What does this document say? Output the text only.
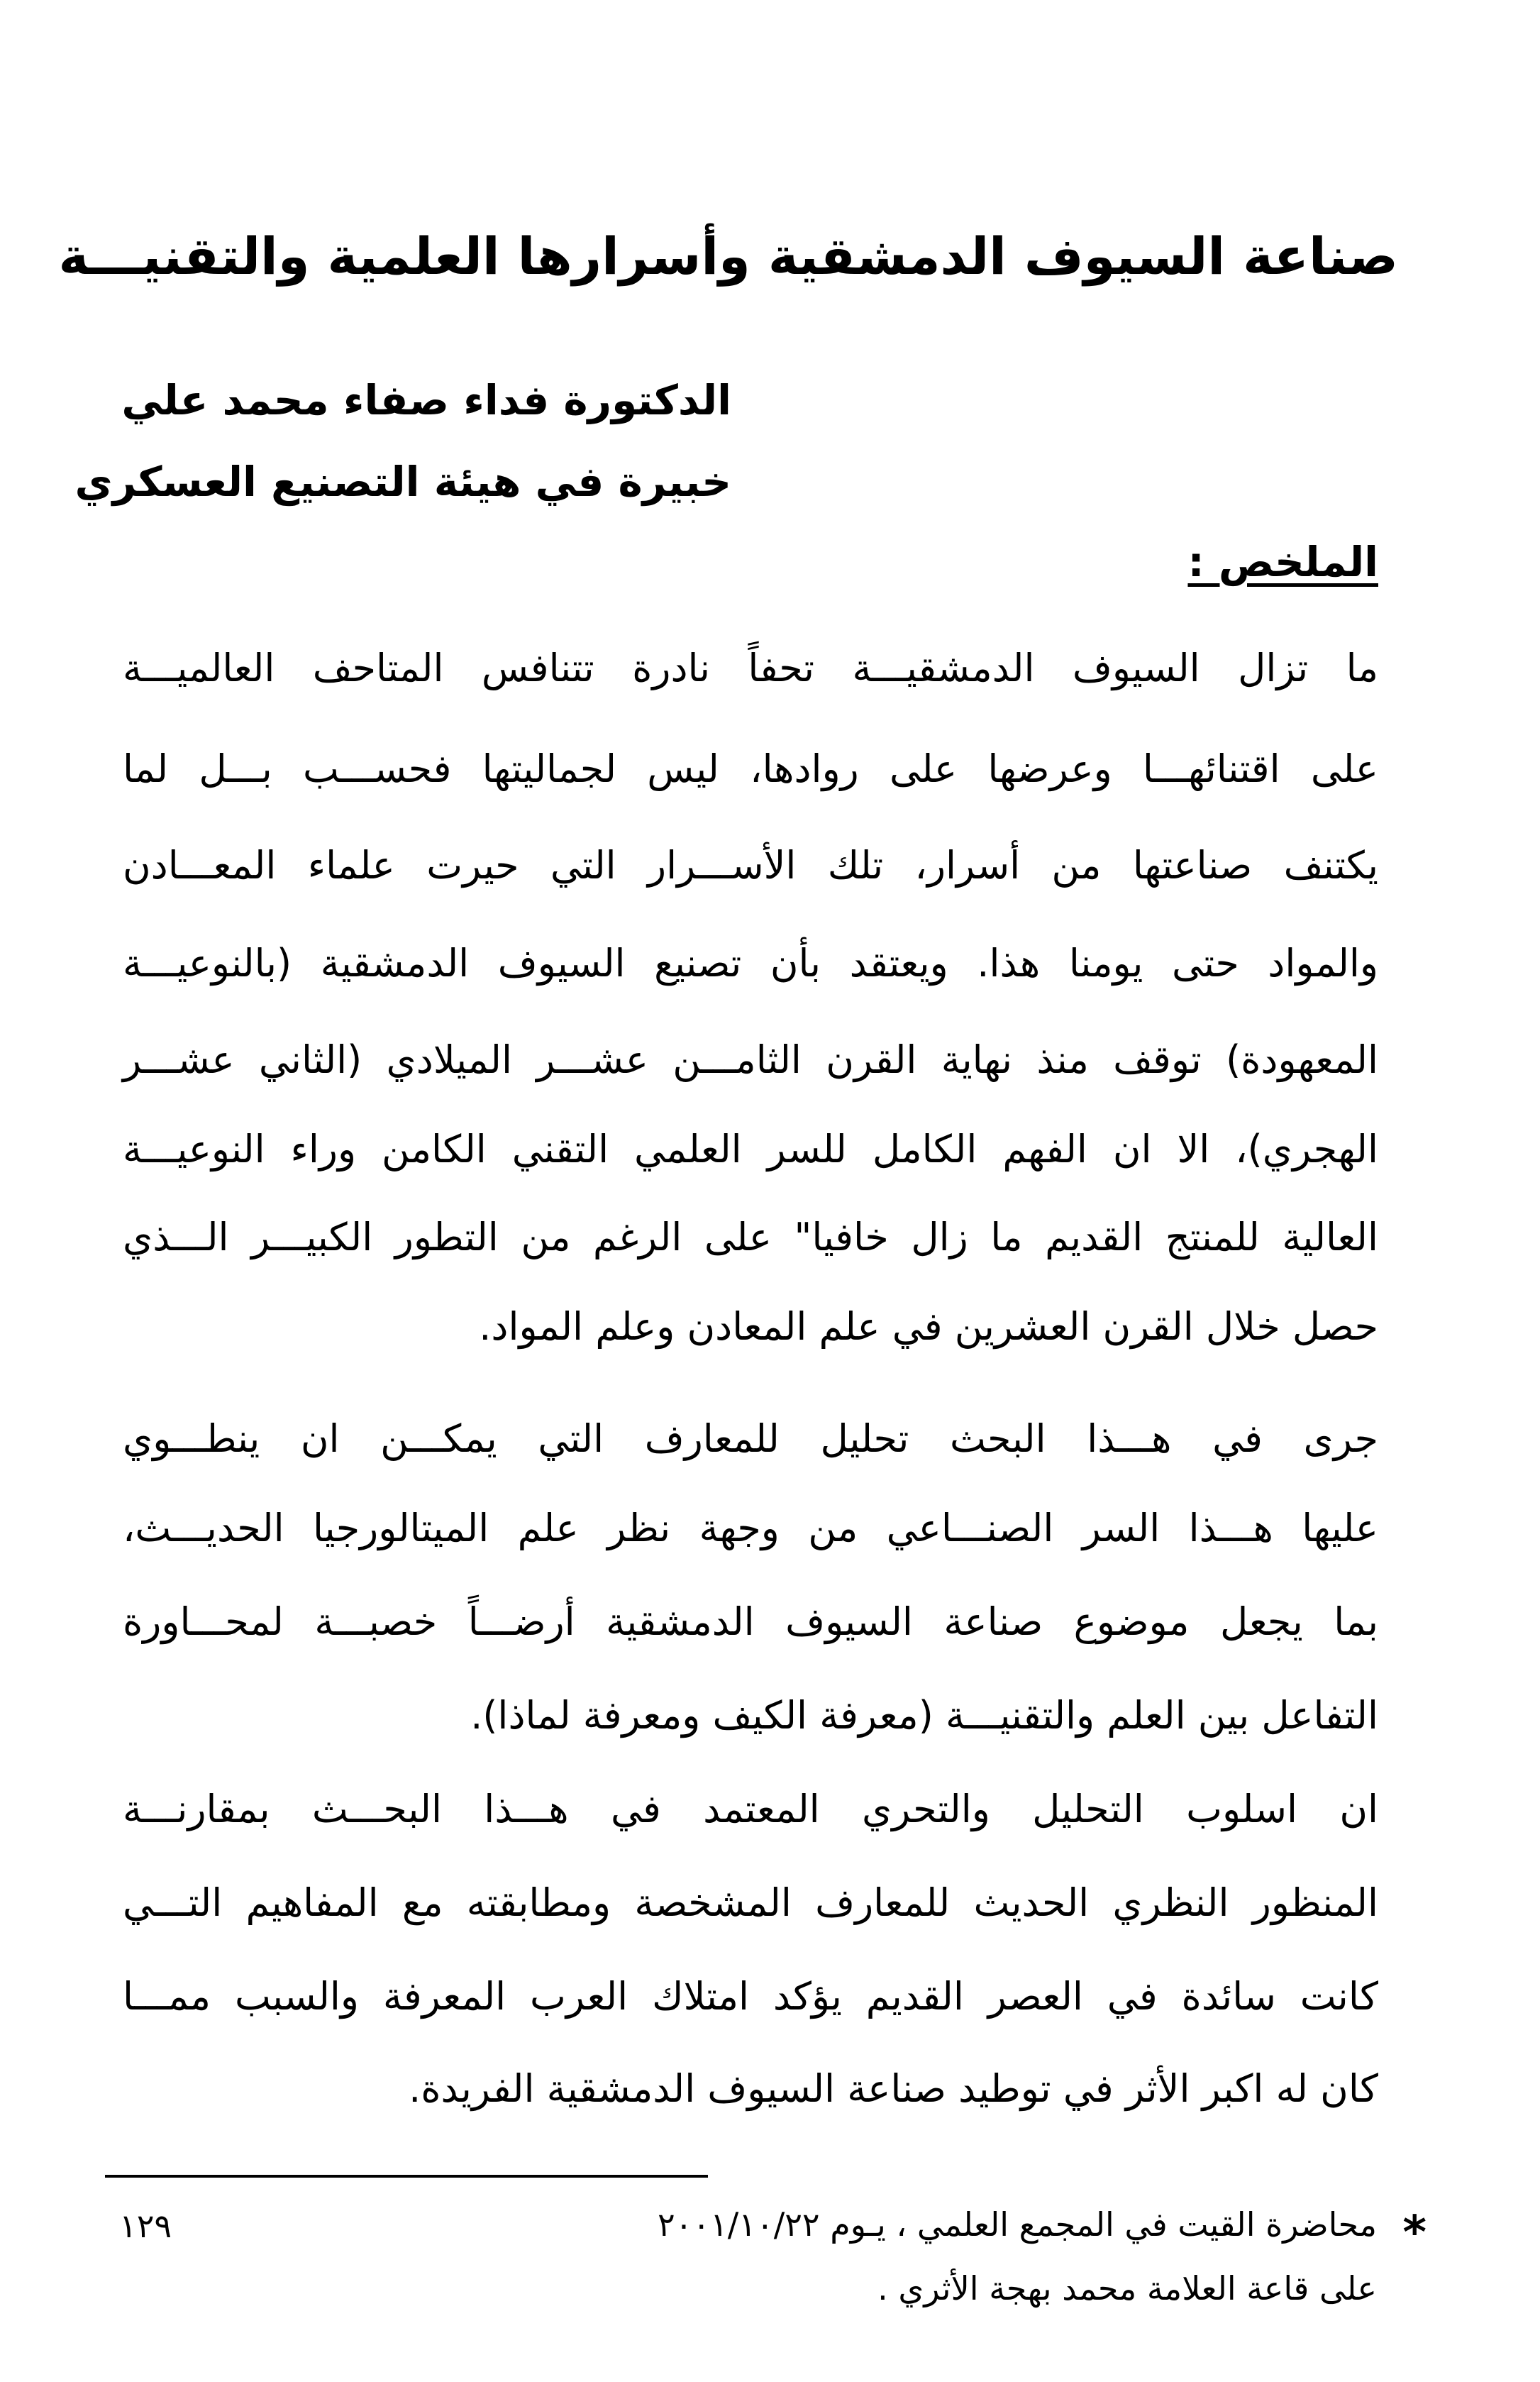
صناعة السيوف الدمشقية وأسرارها العلمية والتقنيـــة
الدكتورة فداء صفاء محمد علي
خبيرة في هيئة التصنيع العسكري
الملخص :
ما تزال السيوف الدمشقيـــة تحفاً نادرة تتنافس المتاحف العالميـــة
على اقتنائهـــا وعرضها على روادها، ليس لجماليتها فحســـب بـــل لما
يكتنف صناعتها من أسرار، تلك الأســـرار التي حيرت علماء المعـــادن
والمواد حتى يومنا هذا. ويعتقد بأن تصنيع السيوف الدمشقية (بالنوعيـــة
المعهودة) توقف منذ نهاية القرن الثامـــن عشـــر الميلادي (الثاني عشـــر
الهجري)، الا ان الفهم الكامل للسر العلمي التقني الكامن وراء النوعيـــة
العالية للمنتج القديم ما زال خافيا" على الرغم من التطور الكبيـــر الـــذي
حصل خلال القرن العشرين في علم المعادن وعلم المواد.
جرى في هـــذا البحث تحليل للمعارف التي يمكـــن ان ينطـــوي
عليها هـــذا السر الصنـــاعي من وجهة نظر علم الميتالورجيا الحديـــث،
بما يجعل موضوع صناعة السيوف الدمشقية أرضـــاً خصبـــة لمحـــاورة
التفاعل بين العلم والتقنيـــة (معرفة الكيف ومعرفة لماذا).
ان اسلوب التحليل والتحري المعتمد في هـــذا البحـــث بمقارنـــة
المنظور النظري الحديث للمعارف المشخصة ومطابقته مع المفاهيم التـــي
كانت سائدة في العصر القديم يؤكد امتلاك العرب المعرفة والسبب ممـــا
كان له اكبر الأثر في توطيد صناعة السيوف الدمشقية الفريدة.
*
محاضرة القيت في المجمع العلمي ، يـوم ٢٠٠١/١٠/٢٢
على قاعة العلامة محمد بهجة الأثري .
١٢٩
